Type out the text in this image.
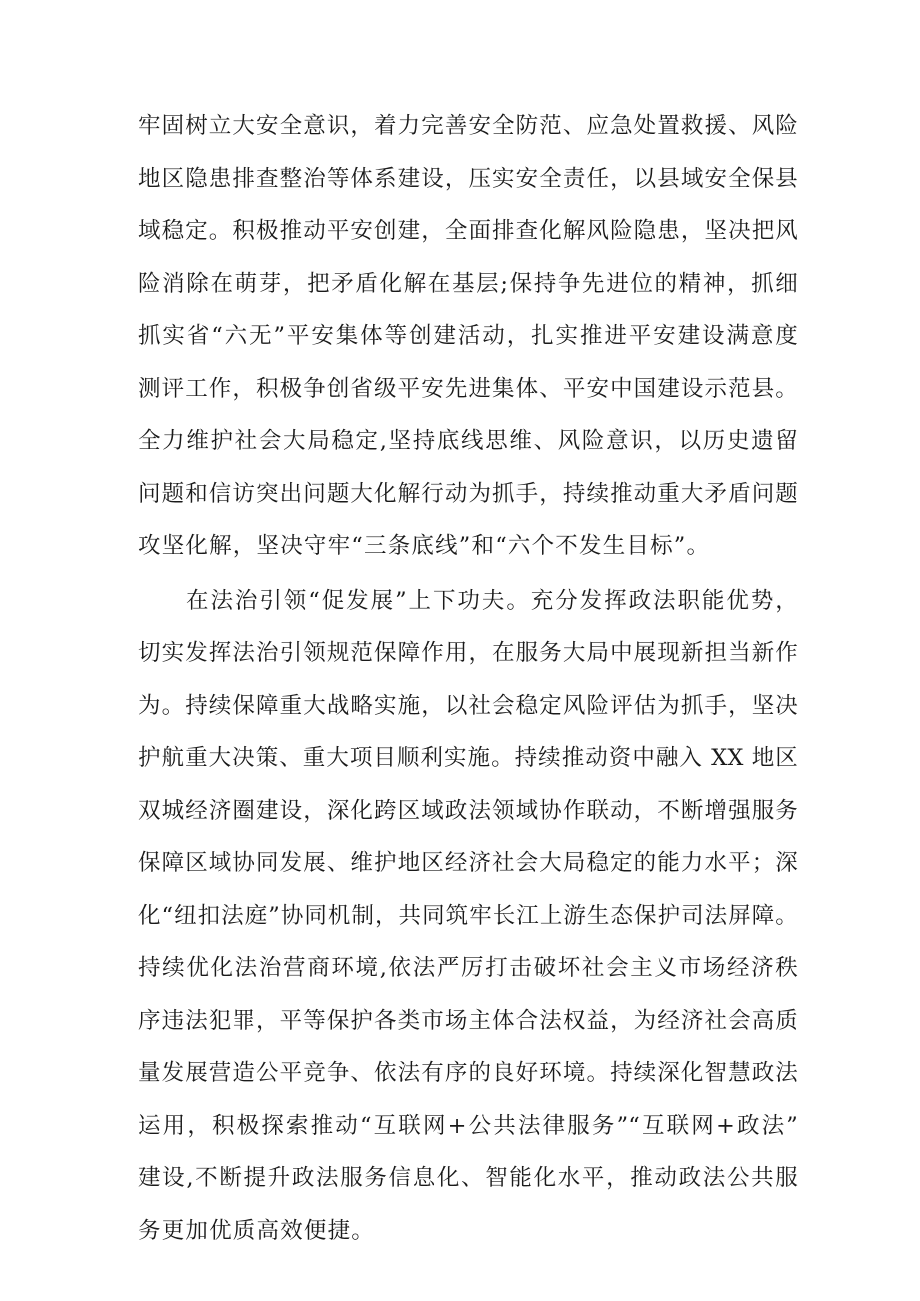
牢固树立大安全意识，着力完善安全防范、应急处置救援、风险
地区隐患排查整治等体系建设，压实安全责任，以县域安全保县
域稳定。积极推动平安创建，全面排查化解风险隐患，坚决把风
险消除在萌芽，把矛盾化解在基层;保持争先进位的精神，抓细
抓实省“六无”平安集体等创建活动，扎实推进平安建设满意度
测评工作，积极争创省级平安先进集体、平安中国建设示范县。
全力维护社会大局稳定,坚持底线思维、风险意识，以历史遗留
问题和信访突出问题大化解行动为抓手，持续推动重大矛盾问题
攻坚化解，坚决守牢“三条底线”和“六个不发生目标”。
在法治引领“促发展”上下功夫。充分发挥政法职能优势，
切实发挥法治引领规范保障作用，在服务大局中展现新担当新作
为。持续保障重大战略实施，以社会稳定风险评估为抓手，坚决
护航重大决策、重大项目顺利实施。持续推动资中融入 XX 地区
双城经济圈建设，深化跨区域政法领域协作联动，不断增强服务
保障区域协同发展、维护地区经济社会大局稳定的能力水平；深
化“纽扣法庭”协同机制，共同筑牢长江上游生态保护司法屏障。
持续优化法治营商环境,依法严厉打击破坏社会主义市场经济秩
序违法犯罪，平等保护各类市场主体合法权益，为经济社会高质
量发展营造公平竞争、依法有序的良好环境。持续深化智慧政法
运用，积极探索推动“互联网+公共法律服务”“互联网+政法”
建设,不断提升政法服务信息化、智能化水平，推动政法公共服
务更加优质高效便捷。
